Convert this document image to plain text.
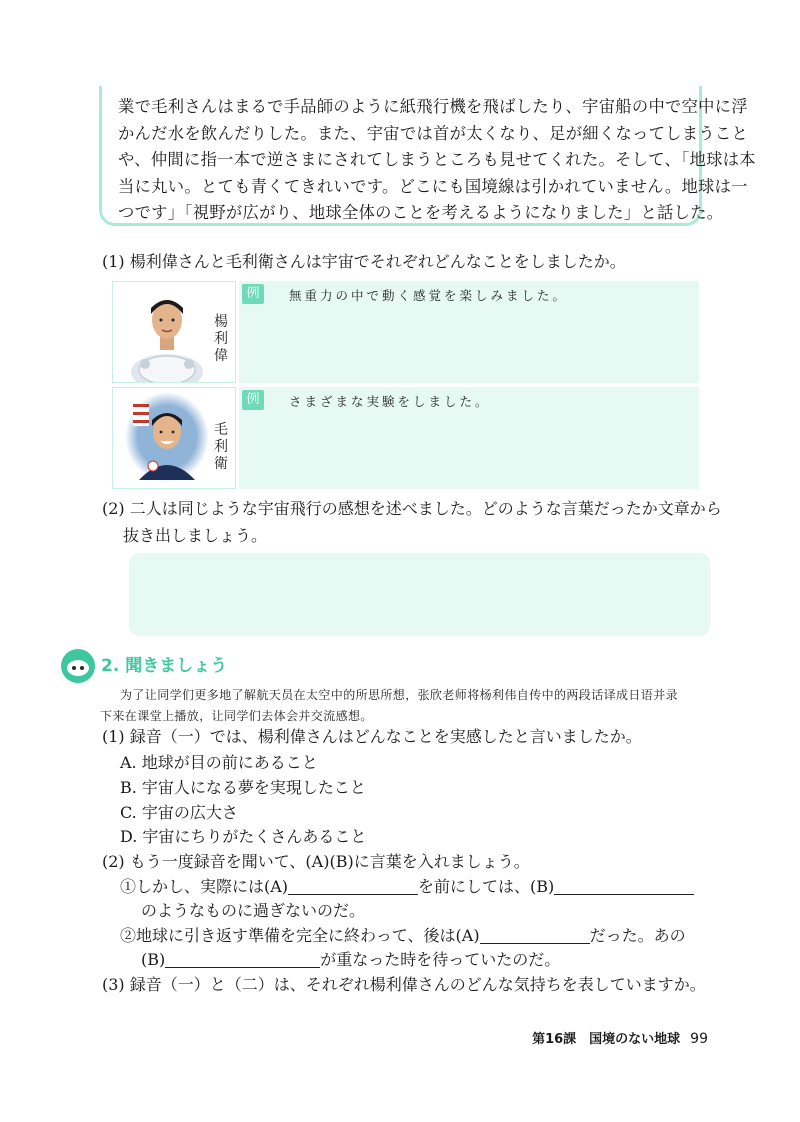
業で毛利さんはまるで手品師のように紙飛行機を飛ばしたり、宇宙船の中で空中に浮
かんだ水を飲んだりした。また、宇宙では首が太くなり、足が細くなってしまうこと
や、仲間に指一本で逆さまにされてしまうところも見せてくれた。そして、「地球は本
当に丸い。とても青くてきれいです。どこにも国境線は引かれていません。地球は一
つです」「視野が広がり、地球全体のことを考えるようになりました」と話した。
(1) 楊利偉さんと毛利衛さんは宇宙でそれぞれどんなことをしましたか。
楊
利
偉
例	無重力の中で動く感覚を楽しみました。
毛
利
衛
例	さまざまな実験をしました。
(2) 二人は同じような宇宙飛行の感想を述べました。どのような言葉だったか文章から
抜き出しましょう。
2. 聞きましょう
为了让同学们更多地了解航天员在太空中的所思所想，张欣老师将杨利伟自传中的两段话译成日语并录
下来在课堂上播放，让同学们去体会并交流感想。
(1) 録音（一）では、楊利偉さんはどんなことを実感したと言いましたか。
A. 地球が目の前にあること
B. 宇宙人になる夢を実現したこと
C. 宇宙の広大さ
D. 宇宙にちりがたくさんあること
(2) もう一度録音を聞いて、(A)(B)に言葉を入れましょう。
①しかし、実際には(A)	を前にしては、(B)
のようなものに過ぎないのだ。
②地球に引き返す準備を完全に終わって、後は(A)	だった。あの
(B)	が重なった時を待っていたのだ。
(3) 録音（一）と（二）は、それぞれ楊利偉さんのどんな気持ちを表していますか。
第16課　国境のない地球 99
